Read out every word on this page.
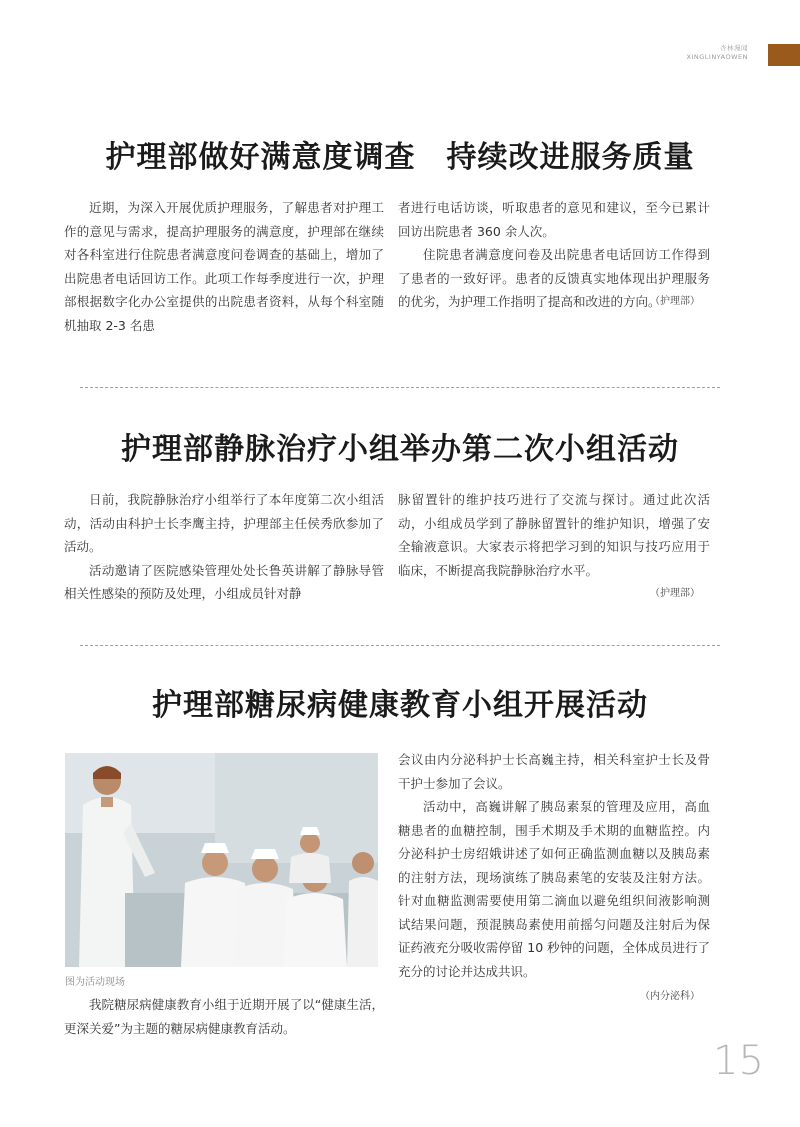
杏林漫闻
XINGLINYAOWEN
护理部做好满意度调查　持续改进服务质量

近期，为深入开展优质护理服务，了解患者对护理工作的意见与需求，提高护理服务的满意度，护理部在继续对各科室进行住院患者满意度问卷调查的基础上，增加了出院患者电话回访工作。此项工作每季度进行一次，护理部根据数字化办公室提供的出院患者资料，从每个科室随机抽取 2-3 名患

者进行电话访谈，听取患者的意见和建议，至今已累计回访出院患者 360 余人次。

住院患者满意度问卷及出院患者电话回访工作得到了患者的一致好评。患者的反馈真实地体现出护理服务的优劣，为护理工作指明了提高和改进的方向。

（护理部）
护理部静脉治疗小组举办第二次小组活动

日前，我院静脉治疗小组举行了本年度第二次小组活动，活动由科护士长李鹰主持，护理部主任侯秀欣参加了活动。

活动邀请了医院感染管理处处长鲁英讲解了静脉导管相关性感染的预防及处理，小组成员针对静

脉留置针的维护技巧进行了交流与探讨。通过此次活动，小组成员学到了静脉留置针的维护知识，增强了安全输液意识。大家表示将把学习到的知识与技巧应用于临床，不断提高我院静脉治疗水平。

（护理部）
护理部糖尿病健康教育小组开展活动
图为活动现场

我院糖尿病健康教育小组于近期开展了以“健康生活，更深关爱”为主题的糖尿病健康教育活动。

会议由内分泌科护士长高巍主持，相关科室护士长及骨干护士参加了会议。

活动中，高巍讲解了胰岛素泵的管理及应用，高血糖患者的血糖控制，围手术期及手术期的血糖监控。内分泌科护士房绍娥讲述了如何正确监测血糖以及胰岛素的注射方法，现场演练了胰岛素笔的安装及注射方法。针对血糖监测需要使用第二滴血以避免组织间液影响测试结果问题，预混胰岛素使用前摇匀问题及注射后为保证药液充分吸收需停留 10 秒钟的问题，全体成员进行了充分的讨论并达成共识。

（内分泌科）
15
